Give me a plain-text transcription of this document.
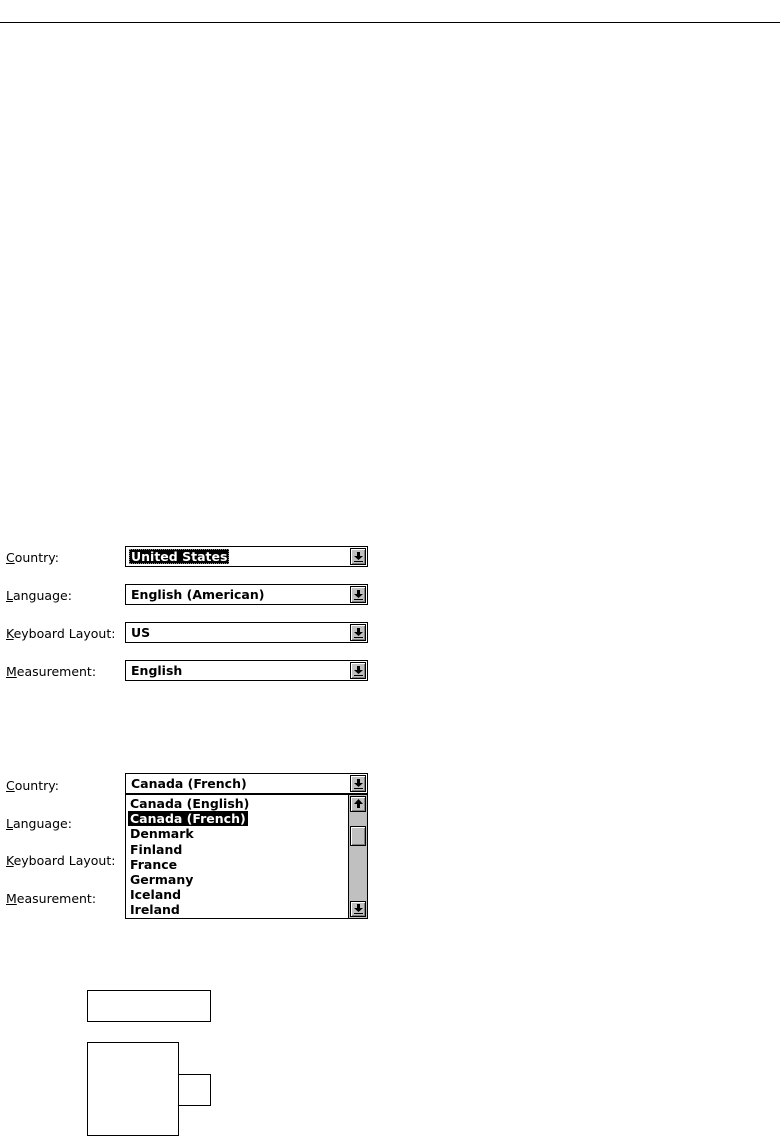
Country:	United States
Language:	English (American)
Keyboard Layout: US
Measurement:	English
Country:	Canada (French)
Language:
Keyboard Layout:
Measurement:
Canada (English)
Canada (French)
Denmark
Finland
France
Germany
Iceland
Ireland
